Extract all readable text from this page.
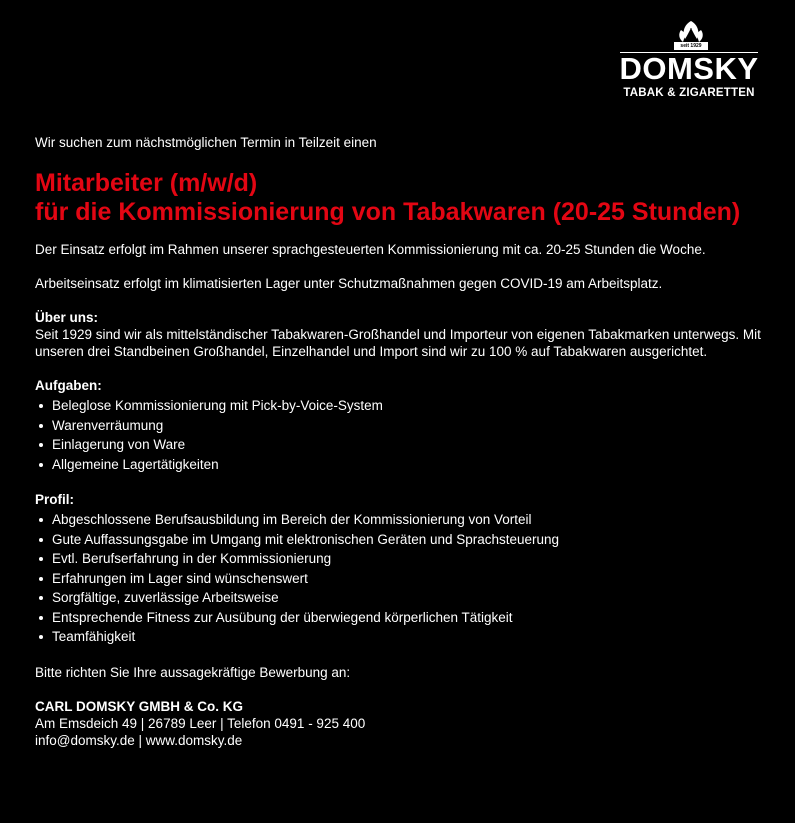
seit 1929
DOMSKY
TABAK & ZIGARETTEN

Wir suchen zum nächstmöglichen Termin in Teilzeit einen

Mitarbeiter (m/w/d)
für die Kommissionierung von Tabakwaren (20-25 Stunden)

Der Einsatz erfolgt im Rahmen unserer sprachgesteuerten Kommissionierung mit ca. 20-25 Stunden die Woche.

Arbeitseinsatz erfolgt im klimatisierten Lager unter Schutzmaßnahmen gegen COVID-19 am Arbeitsplatz.

Über uns:

Seit 1929 sind wir als mittelständischer Tabakwaren-Großhandel und Importeur von eigenen Tabakmarken unterwegs. Mit unseren drei Standbeinen Großhandel, Einzelhandel und Import sind wir zu 100 % auf Tabakwaren ausgerichtet.

Aufgaben:

Beleglose Kommissionierung mit Pick-by-Voice-System
Warenverräumung
Einlagerung von Ware
Allgemeine Lagertätigkeiten

Profil:

Abgeschlossene Berufsausbildung im Bereich der Kommissionierung von Vorteil
Gute Auffassungsgabe im Umgang mit elektronischen Geräten und Sprachsteuerung
Evtl. Berufserfahrung in der Kommissionierung
Erfahrungen im Lager sind wünschenswert
Sorgfältige, zuverlässige Arbeitsweise
Entsprechende Fitness zur Ausübung der überwiegend körperlichen Tätigkeit
Teamfähigkeit

Bitte richten Sie Ihre aussagekräftige Bewerbung an:

CARL DOMSKY GMBH & Co. KG

Am Emsdeich 49 | 26789 Leer | Telefon 0491 - 925 400

info@domsky.de | www.domsky.de
